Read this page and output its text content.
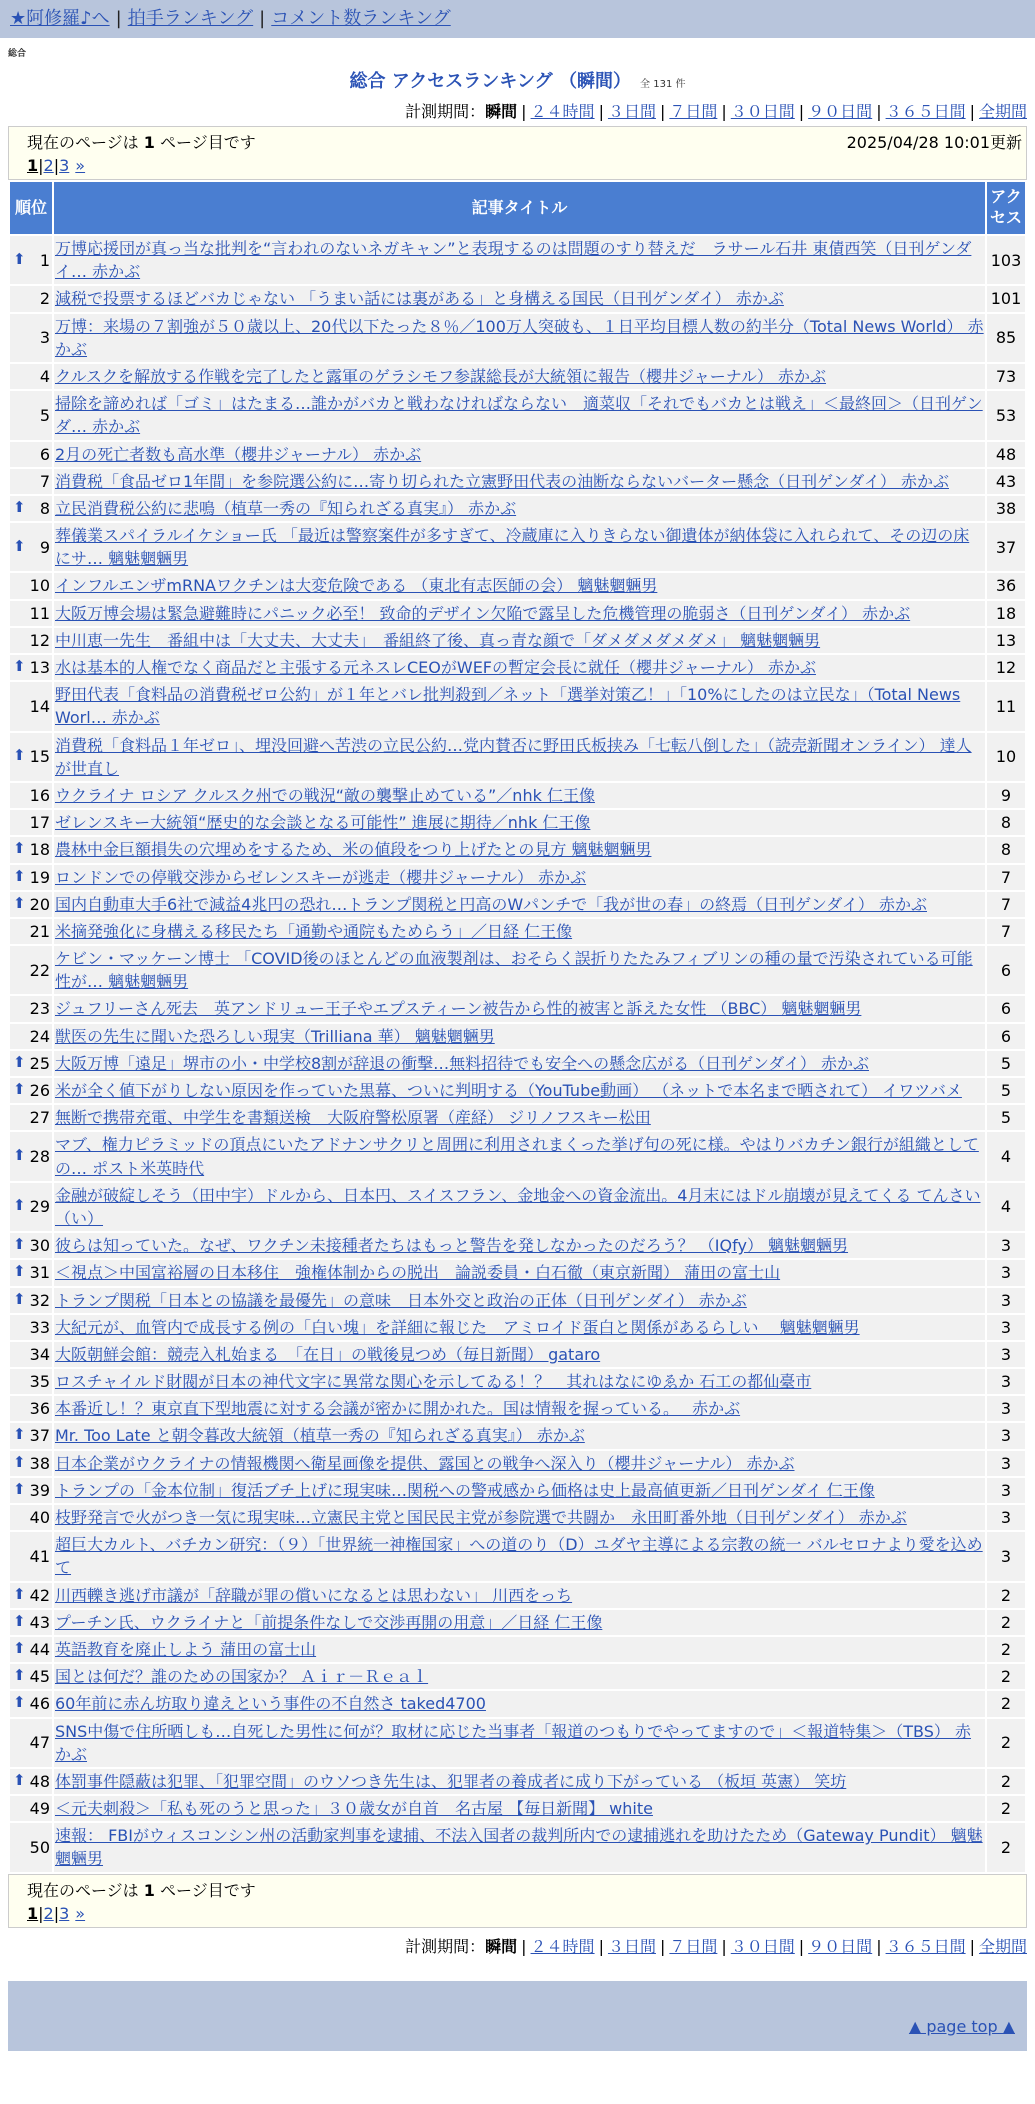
★阿修羅♪へ | 拍手ランキング | コメント数ランキング
総合
総合 アクセスランキング （瞬間） 全 131 件
計測期間：瞬間 | ２４時間 | ３日間 | ７日間 | ３０日間 | ９０日間 | ３６５日間 | 全期間
現在のページは 1 ページ目です	2025/04/28 10:01更新
1|2|3 »
順位	記事タイトル	アクセス

⬆ 1	万博応援団が真っ当な批判を“言われのないネガキャン”と表現するのは問題のすり替えだ　ラサール石井 東債西笑（日刊ゲンダイ… 赤かぶ	103
2	減税で投票するほどバカじゃない 「うまい話には裏がある」と身構える国民（日刊ゲンダイ） 赤かぶ	101
3	万博：来場の７割強が５０歳以上、20代以下たった８％／100万人突破も、１日平均目標人数の約半分（Total News World） 赤かぶ	85
4	クルスクを解放する作戦を完了したと露軍のゲラシモフ参謀総長が大統領に報告（櫻井ジャーナル） 赤かぶ	73
5	掃除を諦めれば「ゴミ」はたまる…誰かがバカと戦わなければならない　適菜収「それでもバカとは戦え」＜最終回＞（日刊ゲンダ… 赤かぶ	53
6	2月の死亡者数も高水準（櫻井ジャーナル） 赤かぶ	48
7	消費税「食品ゼロ1年間」を参院選公約に…寄り切られた立憲野田代表の油断ならないバーター懸念（日刊ゲンダイ） 赤かぶ	43

⬆ 8	立民消費税公約に悲鳴（植草一秀の『知られざる真実』） 赤かぶ	38

⬆ 9	葬儀業スパイラルイケショー氏 「最近は警察案件が多すぎて、冷蔵庫に入りきらない御遺体が納体袋に入れられて、その辺の床にサ… 魑魅魍魎男	37
10	インフルエンザmRNAワクチンは大変危険である （東北有志医師の会） 魑魅魍魎男	36
11	大阪万博会場は緊急避難時にパニック必至！ 致命的デザイン欠陥で露呈した危機管理の脆弱さ（日刊ゲンダイ） 赤かぶ	18
12	中川恵一先生　番組中は「大丈夫、大丈夫」　番組終了後、真っ青な顔で「ダメダメダメダメ」 魑魅魍魎男	13

⬆ 13	水は基本的人権でなく商品だと主張する元ネスレCEOがWEFの暫定会長に就任（櫻井ジャーナル） 赤かぶ	12
14	野田代表「食料品の消費税ゼロ公約」が１年とバレ批判殺到／ネット「選挙対策乙！」「10%にしたのは立民な」（Total News Worl… 赤かぶ	11

⬆ 15	消費税「食料品１年ゼロ」、埋没回避へ苦渋の立民公約…党内賛否に野田氏板挟み「七転八倒した」（読売新聞オンライン） 達人が世直し	10
16	ウクライナ ロシア クルスク州での戦況“敵の襲撃止めている”／nhk 仁王像	9
17	ゼレンスキー大統領“歴史的な会談となる可能性” 進展に期待／nhk 仁王像	8

⬆ 18	農林中金巨額損失の穴埋めをするため、米の値段をつり上げたとの見方 魑魅魍魎男	8

⬆ 19	ロンドンでの停戦交渉からゼレンスキーが逃走（櫻井ジャーナル） 赤かぶ	7

⬆ 20	国内自動車大手6社で減益4兆円の恐れ…トランプ関税と円高のWパンチで「我が世の春」の終焉（日刊ゲンダイ） 赤かぶ	7
21	米摘発強化に身構える移民たち「通勤や通院もためらう」／日経 仁王像	7
22	ケビン・マッケーン博士 「COVID後のほとんどの血液製剤は、おそらく誤折りたたみフィブリンの種の量で汚染されている可能性が… 魑魅魍魎男	6
23	ジュフリーさん死去　英アンドリュー王子やエプスティーン被告から性的被害と訴えた女性 （BBC） 魑魅魍魎男	6
24	獣医の先生に聞いた恐ろしい現実（Trilliana 華） 魑魅魍魎男	6

⬆ 25	大阪万博「遠足」堺市の小・中学校8割が辞退の衝撃…無料招待でも安全への懸念広がる（日刊ゲンダイ） 赤かぶ	5

⬆ 26	米が全く値下がりしない原因を作っていた黒幕、ついに判明する（YouTube動画） （ネットで本名まで晒されて） イワツバメ	5
27	無断で携帯充電、中学生を書類送検　大阪府警松原署（産経） ジリノフスキー松田	5

⬆ 28	マブ、権力ピラミッドの頂点にいたアドナンサクリと周囲に利用されまくった挙げ句の死に様。やはりバカチン銀行が組織としての… ポスト米英時代	4

⬆ 29	金融が破綻しそう（田中宇）ドルから、日本円、スイスフラン、金地金への資金流出。4月末にはドル崩壊が見えてくる てんさい（い）	4

⬆ 30	彼らは知っていた。なぜ、ワクチン未接種者たちはもっと警告を発しなかったのだろう？ （IQfy） 魑魅魍魎男	3

⬆ 31	＜視点＞中国富裕層の日本移住　強権体制からの脱出　論説委員・白石徹（東京新聞） 蒲田の富士山	3

⬆ 32	トランプ関税「日本との協議を最優先」の意味　日本外交と政治の正体（日刊ゲンダイ） 赤かぶ	3
33	大紀元が、血管内で成長する例の「白い塊」を詳細に報じた　アミロイド蛋白と関係があるらしい　 魑魅魍魎男	3
34	大阪朝鮮会館：競売入札始まる　「在日」の戦後見つめ（毎日新聞） gataro	3
35	ロスチャイルド財閥が日本の神代文字に異常な関心を示してゐる！？　其れはなにゆゑか 石工の都仙臺市	3
36	本番近し！？東京直下型地震に対する会議が密かに開かれた。国は情報を握っている。　 赤かぶ	3

⬆ 37	Mr. Too Late と朝令暮改大統領（植草一秀の『知られざる真実』） 赤かぶ	3

⬆ 38	日本企業がウクライナの情報機関へ衛星画像を提供、露国との戦争へ深入り（櫻井ジャーナル） 赤かぶ	3

⬆ 39	トランプの「金本位制」復活ブチ上げに現実味…関税への警戒感から価格は史上最高値更新／日刊ゲンダイ 仁王像	3
40	枝野発言で火がつき一気に現実味…立憲民主党と国民民主党が参院選で共闘か　永田町番外地（日刊ゲンダイ） 赤かぶ	3
41	超巨大カルト、バチカン研究：（９）「世界統一神権国家」への道のり（D）ユダヤ主導による宗教の統一 バルセロナより愛を込めて	3

⬆ 42	川西轢き逃げ市議が「辞職が罪の償いになるとは思わない」 川西をっち	2

⬆ 43	プーチン氏、ウクライナと「前提条件なしで交渉再開の用意」／日経 仁王像	2

⬆ 44	英語教育を廃止しよう 蒲田の富士山	2

⬆ 45	国とは何だ？誰のための国家か？ Ａｉｒ－Ｒｅａｌ	2

⬆ 46	60年前に赤ん坊取り違えという事件の不自然さ taked4700	2
47	SNS中傷で住所晒しも…自死した男性に何が？取材に応じた当事者「報道のつもりでやってますので」＜報道特集＞（TBS） 赤かぶ	2

⬆ 48	体罰事件隠蔽は犯罪、「犯罪空間」のウソつき先生は、犯罪者の養成者に成り下がっている （板垣 英憲） 笑坊	2
49	＜元夫刺殺＞「私も死のうと思った」３０歳女が自首　名古屋 【毎日新聞】 white	2
50	速報： FBIがウィスコンシン州の活動家判事を逮捕、不法入国者の裁判所内での逮捕逃れを助けたため（Gateway Pundit） 魑魅魍魎男	2
現在のページは 1 ページ目です
1|2|3 »
計測期間：瞬間 | ２４時間 | ３日間 | ７日間 | ３０日間 | ９０日間 | ３６５日間 | 全期間
▲ page top ▲
